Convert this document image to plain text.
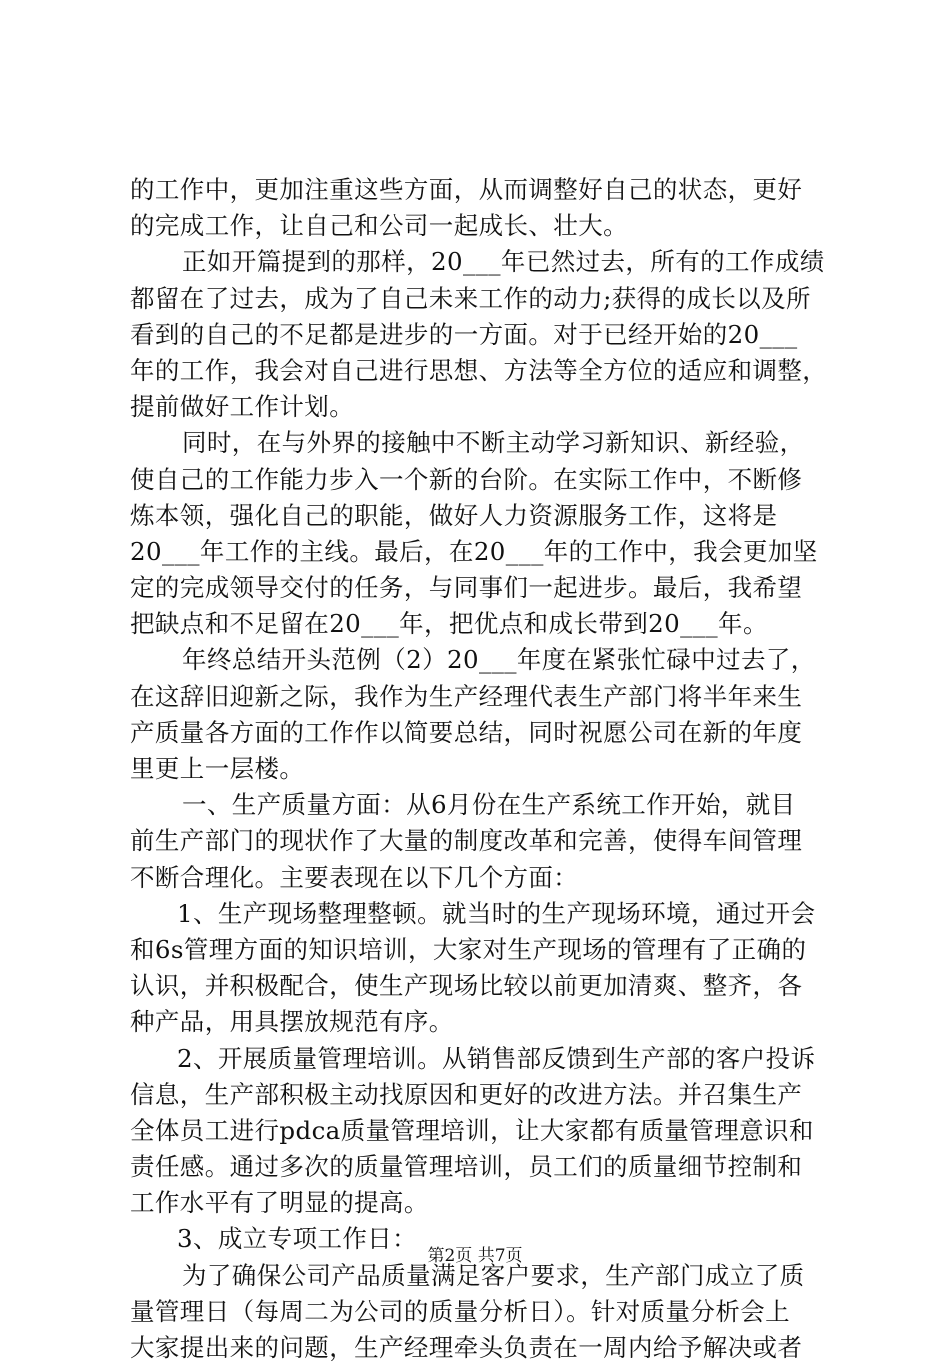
的工作中，更加注重这些方面，从而调整好自己的状态，更好
的完成工作，让自己和公司一起成长、壮大。
正如开篇提到的那样，20___年已然过去，所有的工作成绩
都留在了过去，成为了自己未来工作的动力;获得的成长以及所
看到的自己的不足都是进步的一方面。对于已经开始的20___
年的工作，我会对自己进行思想、方法等全方位的适应和调整，
提前做好工作计划。
同时，在与外界的接触中不断主动学习新知识、新经验，
使自己的工作能力步入一个新的台阶。在实际工作中，不断修
炼本领，强化自己的职能，做好人力资源服务工作，这将是
20___年工作的主线。最后，在20___年的工作中，我会更加坚
定的完成领导交付的任务，与同事们一起进步。最后，我希望
把缺点和不足留在20___年，把优点和成长带到20___年。
年终总结开头范例（2）20___年度在紧张忙碌中过去了，
在这辞旧迎新之际，我作为生产经理代表生产部门将半年来生
产质量各方面的工作作以简要总结，同时祝愿公司在新的年度
里更上一层楼。
一、生产质量方面：从6月份在生产系统工作开始，就目
前生产部门的现状作了大量的制度改革和完善，使得车间管理
不断合理化。主要表现在以下几个方面：
1、生产现场整理整顿。就当时的生产现场环境，通过开会
和6s管理方面的知识培训，大家对生产现场的管理有了正确的
认识，并积极配合，使生产现场比较以前更加清爽、整齐，各
种产品，用具摆放规范有序。
2、开展质量管理培训。从销售部反馈到生产部的客户投诉
信息，生产部积极主动找原因和更好的改进方法。并召集生产
全体员工进行pdca质量管理培训，让大家都有质量管理意识和
责任感。通过多次的质量管理培训，员工们的质量细节控制和
工作水平有了明显的提高。
3、成立专项工作日：
为了确保公司产品质量满足客户要求，生产部门成立了质
量管理日（每周二为公司的质量分析日）。针对质量分析会上
大家提出来的问题，生产经理牵头负责在一周内给予解决或者
第2页 共7页
